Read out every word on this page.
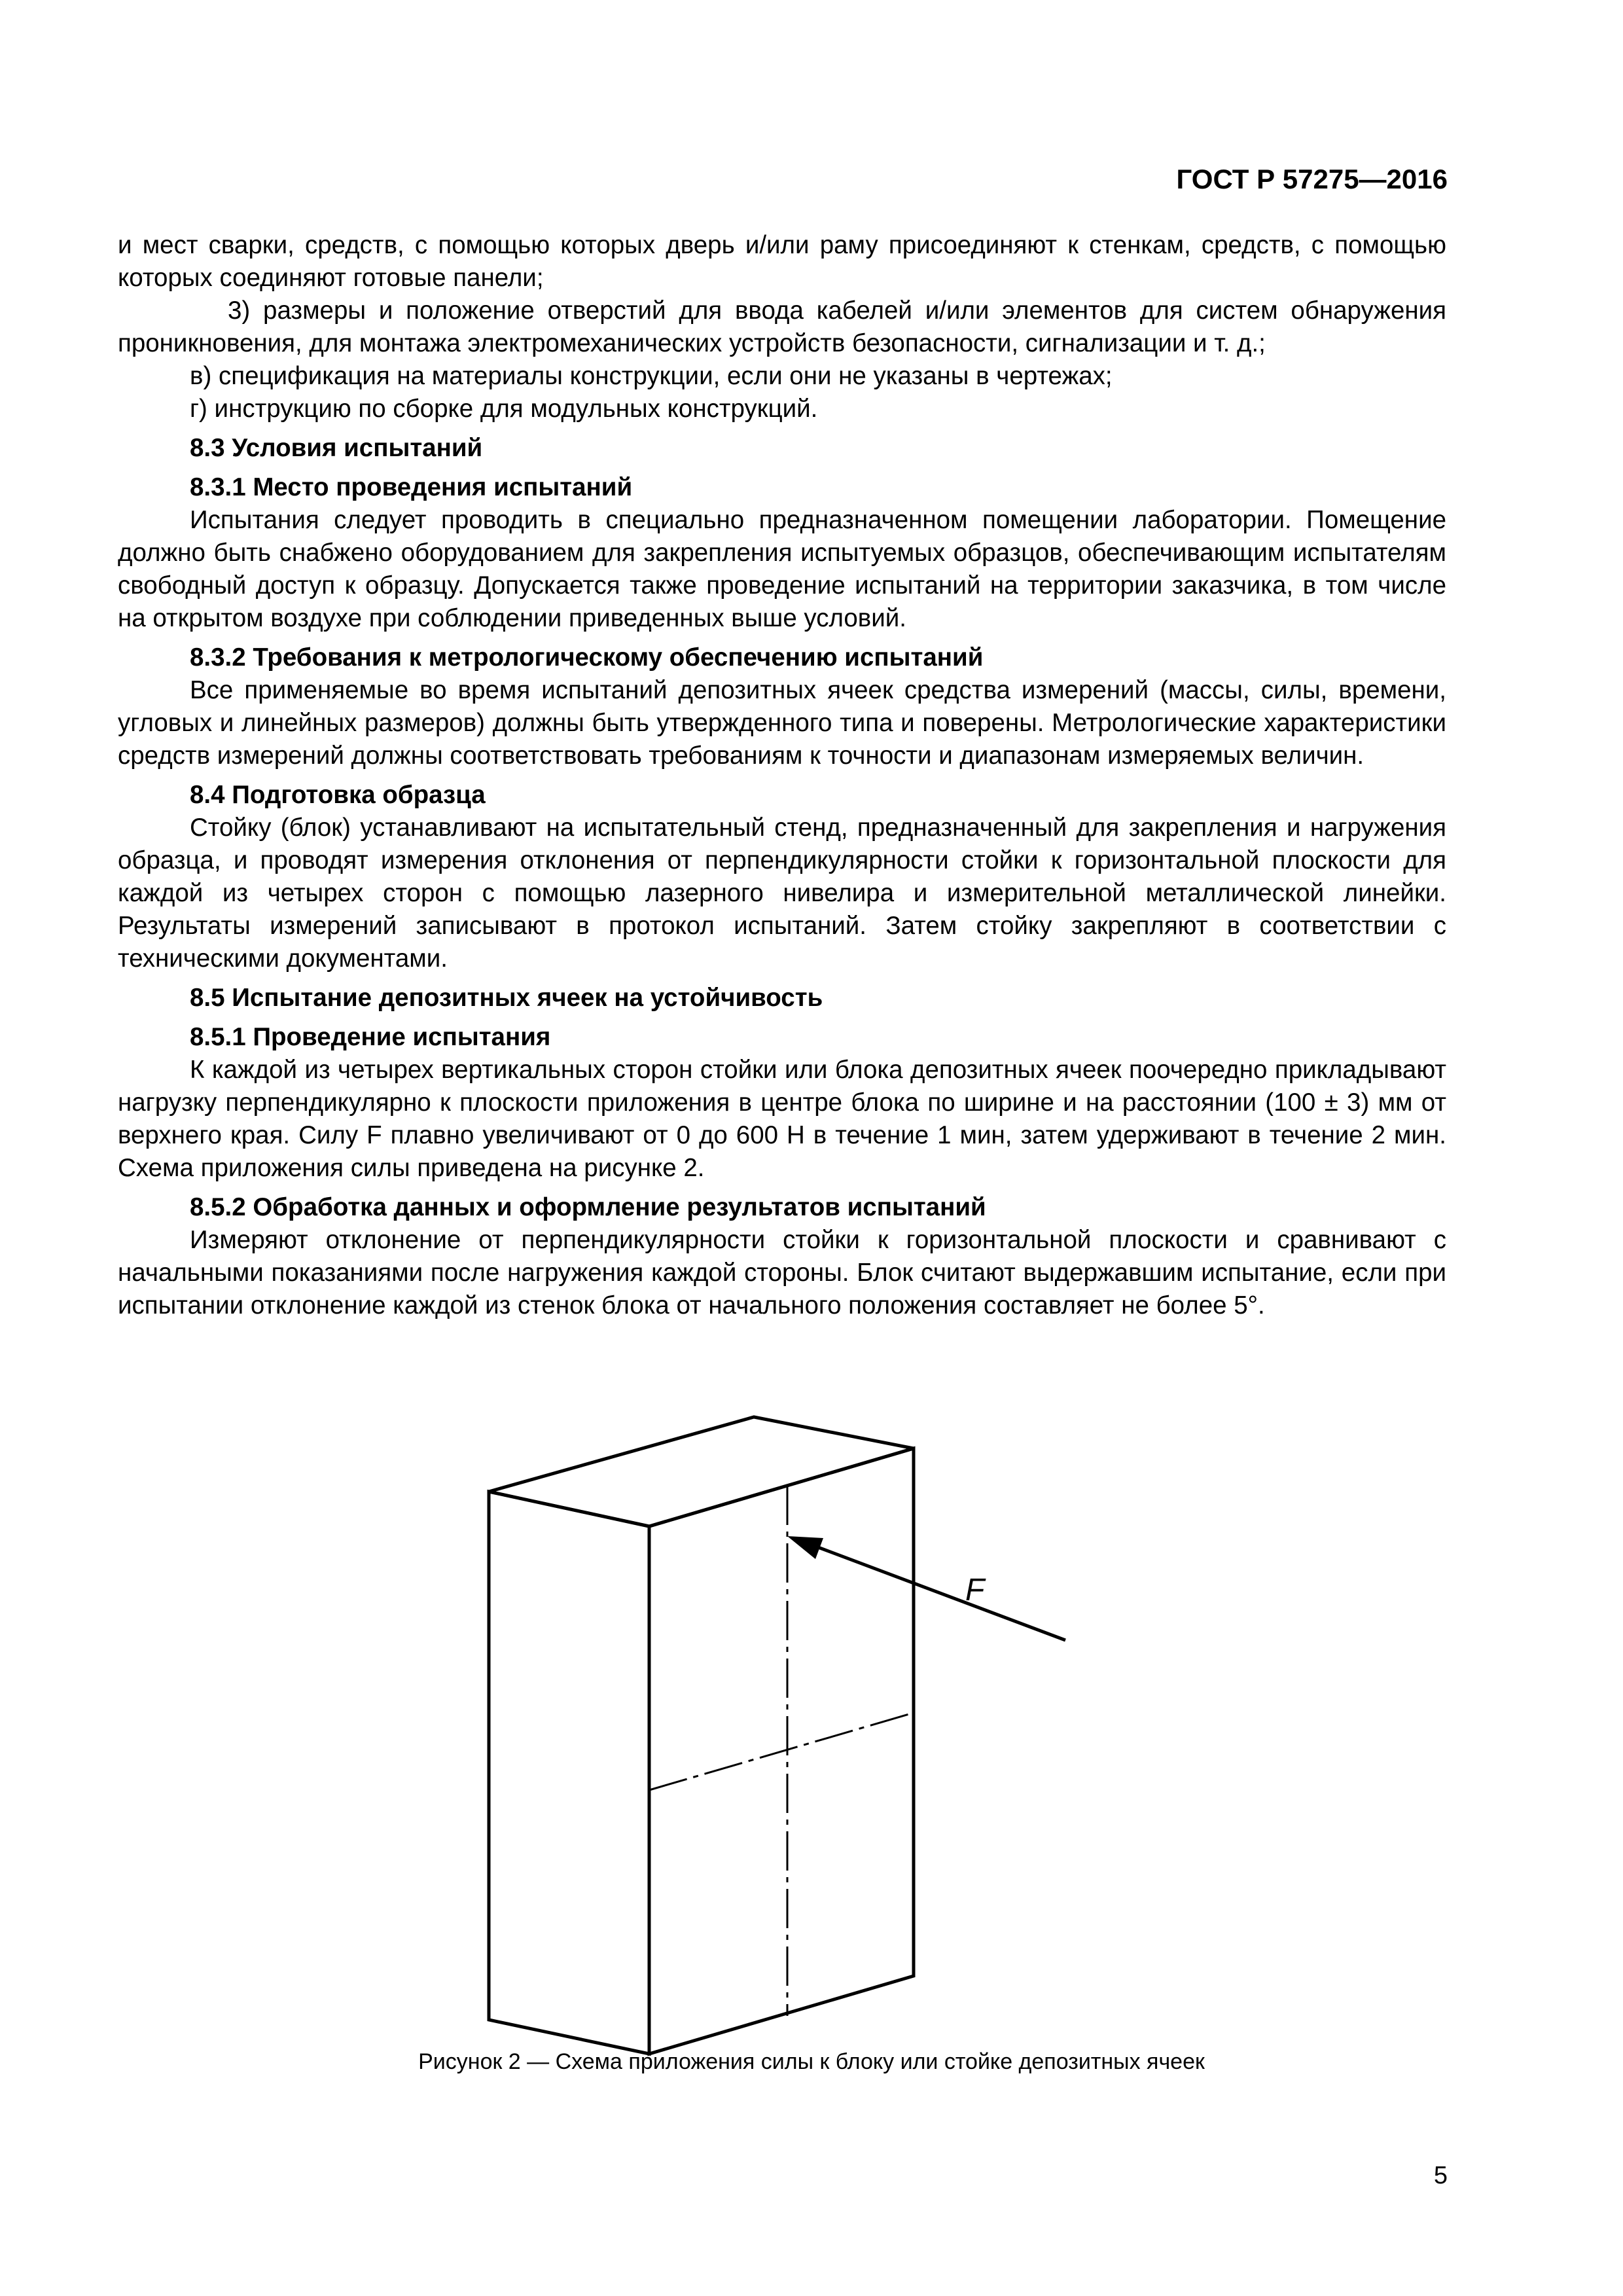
ГОСТ Р 57275—2016

и мест сварки, средств, с помощью которых дверь и/или раму присоединяют к стенкам, средств, с помощью которых соединяют готовые панели;

3) размеры и положение отверстий для ввода кабелей и/или элементов для систем обнаружения проникновения, для монтажа электромеханических устройств безопасности, сигнализации и т. д.;

в) спецификация на материалы конструкции, если они не указаны в чертежах;

г) инструкцию по сборке для модульных конструкций.

8.3 Условия испытаний

8.3.1 Место проведения испытаний

Испытания следует проводить в специально предназначенном помещении лаборатории. Помещение должно быть снабжено оборудованием для закрепления испытуемых образцов, обеспечивающим испытателям свободный доступ к образцу. Допускается также проведение испытаний на территории заказчика, в том числе на открытом воздухе при соблюдении приведенных выше условий.

8.3.2 Требования к метрологическому обеспечению испытаний

Все применяемые во время испытаний депозитных ячеек средства измерений (массы, силы, времени, угловых и линейных размеров) должны быть утвержденного типа и поверены. Метрологические характеристики средств измерений должны соответствовать требованиям к точности и диапазонам измеряемых величин.

8.4 Подготовка образца

Стойку (блок) устанавливают на испытательный стенд, предназначенный для закрепления и нагружения образца, и проводят измерения отклонения от перпендикулярности стойки к горизонтальной плоскости для каждой из четырех сторон с помощью лазерного нивелира и измерительной металлической линейки. Результаты измерений записывают в протокол испытаний. Затем стойку закрепляют в соответствии с техническими документами.

8.5 Испытание депозитных ячеек на устойчивость

8.5.1 Проведение испытания

К каждой из четырех вертикальных сторон стойки или блока депозитных ячеек поочередно прикладывают нагрузку перпендикулярно к плоскости приложения в центре блока по ширине и на расстоянии (100 ± 3) мм от верхнего края. Силу F плавно увеличивают от 0 до 600 Н в течение 1 мин, затем удерживают в течение 2 мин. Схема приложения силы приведена на рисунке 2.

8.5.2 Обработка данных и оформление результатов испытаний

Измеряют отклонение от перпендикулярности стойки к горизонтальной плоскости и сравнивают с начальными показаниями после нагружения каждой стороны. Блок считают выдержавшим испытание, если при испытании отклонение каждой из стенок блока от начального положения составляет не более 5°.

F
Рисунок 2 — Схема приложения силы к блоку или стойке депозитных ячеек
5
